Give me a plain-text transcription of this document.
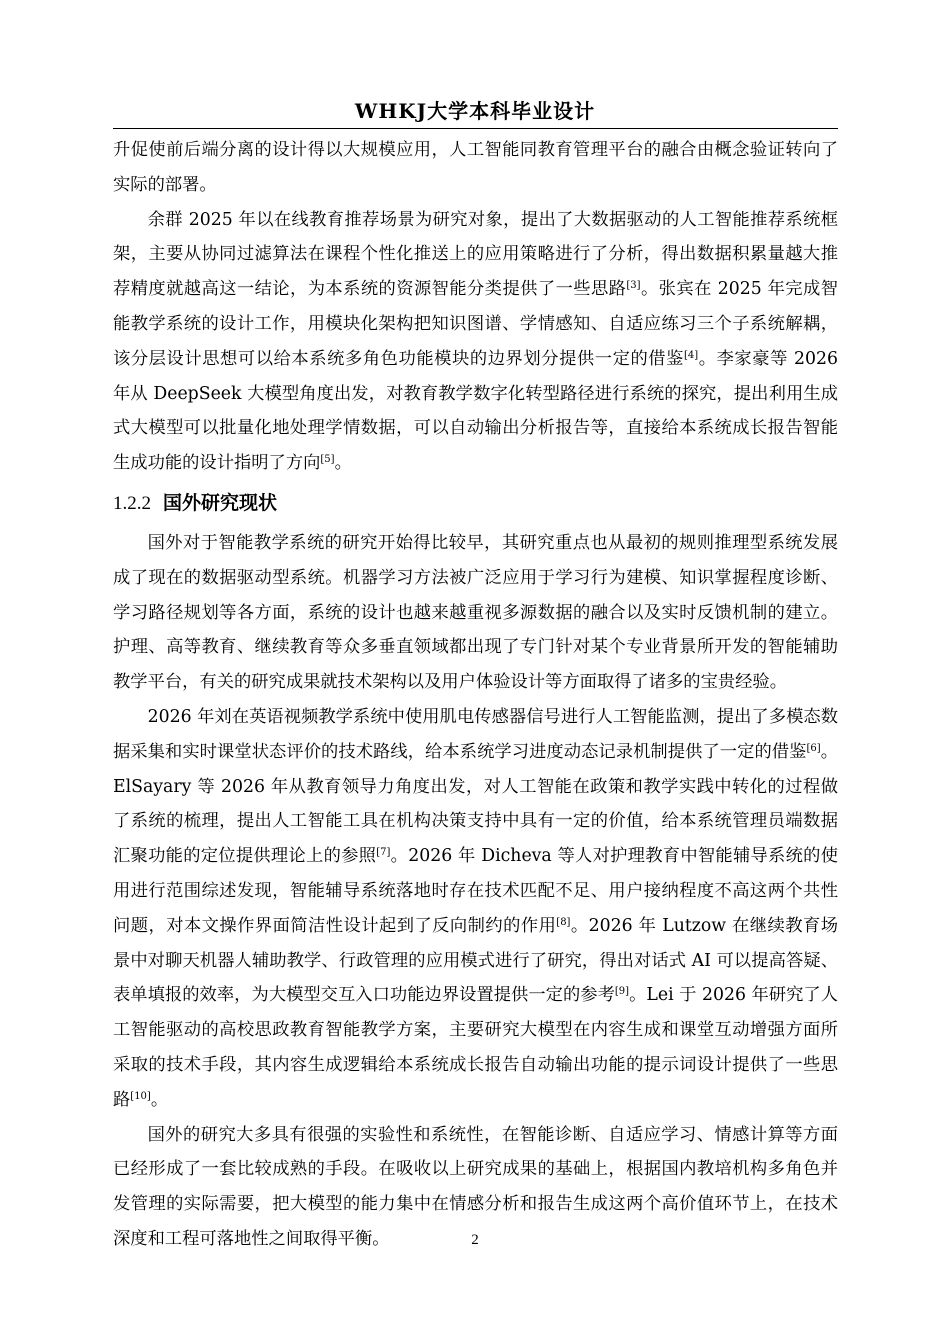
WHKJ大学本科毕业设计

升促使前后端分离的设计得以大规模应用，人工智能同教育管理平台的融合由概念验证转向了实际的部署。

余群 2025 年以在线教育推荐场景为研究对象，提出了大数据驱动的人工智能推荐系统框架，主要从协同过滤算法在课程个性化推送上的应用策略进行了分析，得出数据积累量越大推荐精度就越高这一结论，为本系统的资源智能分类提供了一些思路[3]。张宾在 2025 年完成智能教学系统的设计工作，用模块化架构把知识图谱、学情感知、自适应练习三个子系统解耦，该分层设计思想可以给本系统多角色功能模块的边界划分提供一定的借鉴[4]。李家豪等 2026 年从 DeepSeek 大模型角度出发，对教育教学数字化转型路径进行系统的探究，提出利用生成式大模型可以批量化地处理学情数据，可以自动输出分析报告等，直接给本系统成长报告智能生成功能的设计指明了方向[5]。

1.2.2 国外研究现状

国外对于智能教学系统的研究开始得比较早，其研究重点也从最初的规则推理型系统发展成了现在的数据驱动型系统。机器学习方法被广泛应用于学习行为建模、知识掌握程度诊断、学习路径规划等各方面，系统的设计也越来越重视多源数据的融合以及实时反馈机制的建立。护理、高等教育、继续教育等众多垂直领域都出现了专门针对某个专业背景所开发的智能辅助教学平台，有关的研究成果就技术架构以及用户体验设计等方面取得了诸多的宝贵经验。

2026 年刘在英语视频教学系统中使用肌电传感器信号进行人工智能监测，提出了多模态数据采集和实时课堂状态评价的技术路线，给本系统学习进度动态记录机制提供了一定的借鉴[6]。ElSayary 等 2026 年从教育领导力角度出发，对人工智能在政策和教学实践中转化的过程做了系统的梳理，提出人工智能工具在机构决策支持中具有一定的价值，给本系统管理员端数据汇聚功能的定位提供理论上的参照[7]。2026 年 Dicheva 等人对护理教育中智能辅导系统的使用进行范围综述发现，智能辅导系统落地时存在技术匹配不足、用户接纳程度不高这两个共性问题，对本文操作界面简洁性设计起到了反向制约的作用[8]。2026 年 Lutzow 在继续教育场景中对聊天机器人辅助教学、行政管理的应用模式进行了研究，得出对话式 AI 可以提高答疑、表单填报的效率，为大模型交互入口功能边界设置提供一定的参考[9]。Lei 于 2026 年研究了人工智能驱动的高校思政教育智能教学方案，主要研究大模型在内容生成和课堂互动增强方面所采取的技术手段，其内容生成逻辑给本系统成长报告自动输出功能的提示词设计提供了一些思路[10]。

国外的研究大多具有很强的实验性和系统性，在智能诊断、自适应学习、情感计算等方面已经形成了一套比较成熟的手段。在吸收以上研究成果的基础上，根据国内教培机构多角色并发管理的实际需要，把大模型的能力集中在情感分析和报告生成这两个高价值环节上，在技术深度和工程可落地性之间取得平衡。	2
